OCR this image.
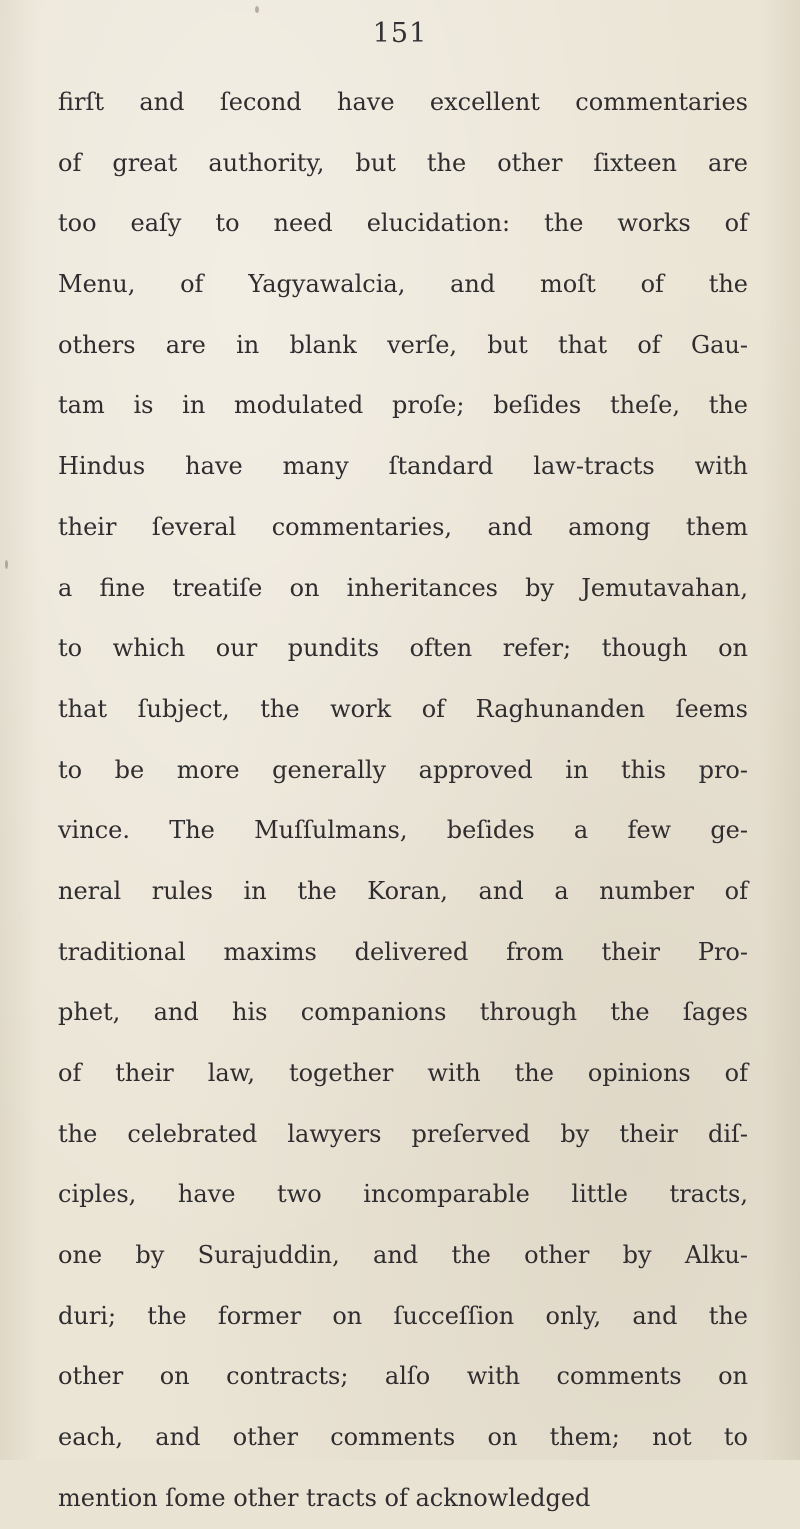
151
firſt and ſecond have excellent commentaries
of great authority, but the other ſixteen are
too eaſy to need elucidation: the works of
Menu, of Yagyawalcia, and moſt of the
others are in blank verſe, but that of Gau-
tam is in modulated proſe; beſides theſe, the
Hindus have many ſtandard law-tracts with
their ſeveral commentaries, and among them
a fine treatiſe on inheritances by Jemutavahan,
to which our pundits often refer; though on
that ſubject, the work of Raghunanden ſeems
to be more generally approved in this pro-
vince. The Muſſulmans, beſides a few ge-
neral rules in the Koran, and a number of
traditional maxims delivered from their Pro-
phet, and his companions through the ſages
of their law, together with the opinions of
the celebrated lawyers preſerved by their diſ-
ciples, have two incomparable little tracts,
one by Surajuddin, and the other by Alku-
duri; the former on ſucceſſion only, and the
other on contracts; alſo with comments on
each, and other comments on them; not to
mention ſome other tracts of acknowledged
